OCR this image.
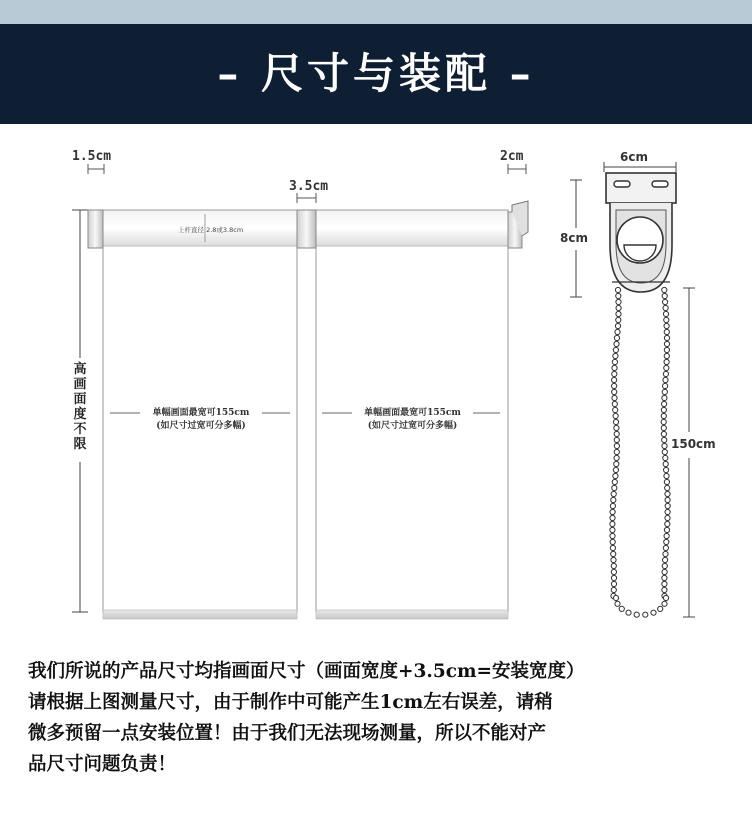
– 尺寸与装配 –
1.5cm	2cm
3.5cm
上杆直径 2.8或3.8cm
高
画
面
度
不
限
单幅画面最宽可155cm
(如尺寸过宽可分多幅)
单幅画面最宽可155cm
(如尺寸过宽可分多幅)
6cm
8cm
150cm

我们所说的产品尺寸均指画面尺寸（画面宽度+3.5cm=安装宽度）

请根据上图测量尺寸，由于制作中可能产生1cm左右误差，请稍

微多预留一点安装位置！由于我们无法现场测量，所以不能对产

品尺寸问题负责！
